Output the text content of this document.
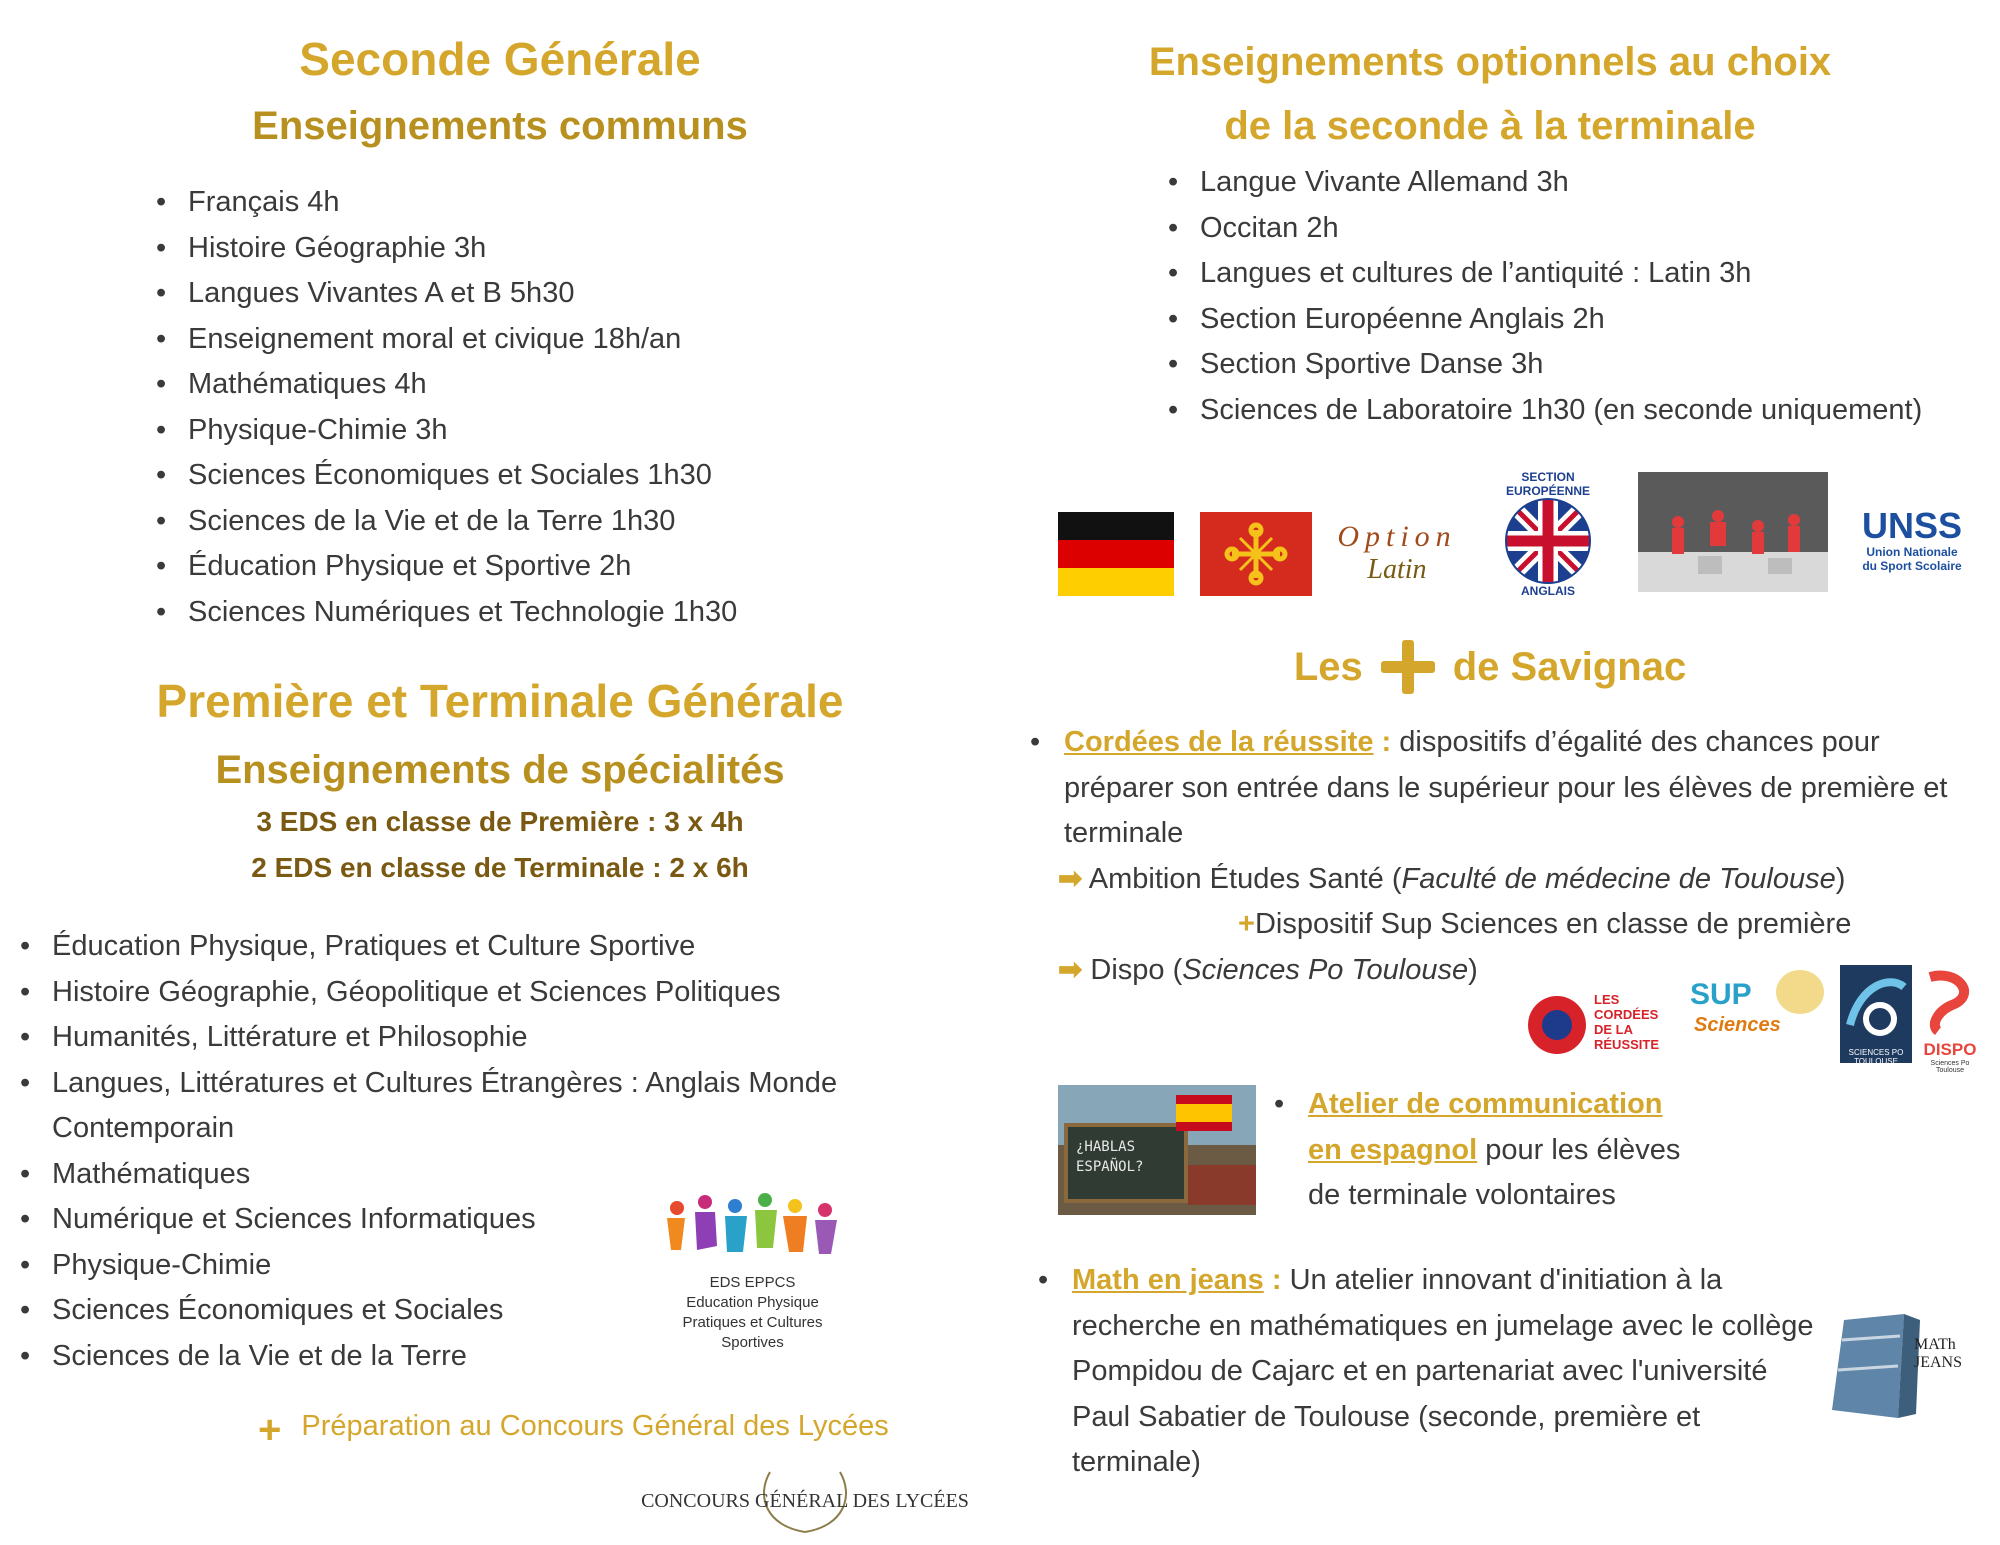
Seconde Générale
Enseignements communs
• Français 4h
• Histoire Géographie 3h
• Langues Vivantes A et B 5h30
• Enseignement moral et civique 18h/an
• Mathématiques 4h
• Physique-Chimie 3h
• Sciences Économiques et Sociales 1h30
• Sciences de la Vie et de la Terre 1h30
• Éducation Physique et Sportive 2h
• Sciences Numériques et Technologie 1h30
Première et Terminale Générale
Enseignements de spécialités
3 EDS en classe de Première : 3 x 4h
2 EDS en classe de Terminale : 2 x 6h
• Éducation Physique, Pratiques et Culture Sportive
• Histoire Géographie, Géopolitique et Sciences Politiques
• Humanités, Littérature et Philosophie
• Langues, Littératures et Cultures Étrangères : Anglais Monde Contemporain
• Mathématiques
• Numérique et Sciences Informatiques
• Physique-Chimie
• Sciences Économiques et Sociales
• Sciences de la Vie et de la Terre
EDS EPPCS
Education Physique
Pratiques et Cultures
Sportives
+ Préparation au Concours Général des Lycées
CONCOURS GÉNÉRAL DES LYCÉES
Enseignements optionnels au choix
de la seconde à la terminale
• Langue Vivante Allemand 3h
• Occitan 2h
• Langues et cultures de l’antiquité : Latin 3h
• Section Européenne Anglais 2h
• Section Sportive Danse 3h
• Sciences de Laboratoire 1h30 (en seconde uniquement)
Option
Latin
SECTION EUROPÉENNE
ANGLAIS
UNSS
Union Nationale
du Sport Scolaire
Les de Savignac
• Cordées de la réussite : dispositifs d’égalité des chances pour préparer son entrée dans le supérieur pour les élèves de première et terminale
➡ Ambition Études Santé (Faculté de médecine de Toulouse)
+Dispositif Sup Sciences en classe de première
➡ Dispo (Sciences Po Toulouse)
LES
CORDÉES
DE LA
RÉUSSITE
SUP
Sciences
SCIENCES PO TOULOUSE
DISPO
Sciences Po Toulouse
¿HABLAS
ESPAÑOL?
• Atelier de communication
en espagnol pour les élèves
de terminale volontaires
• Math en jeans : Un atelier innovant d'initiation à la recherche en mathématiques en jumelage avec le collège Pompidou de Cajarc et en partenariat avec l'université Paul Sabatier de Toulouse (seconde, première et terminale)
MATh
JEANS
